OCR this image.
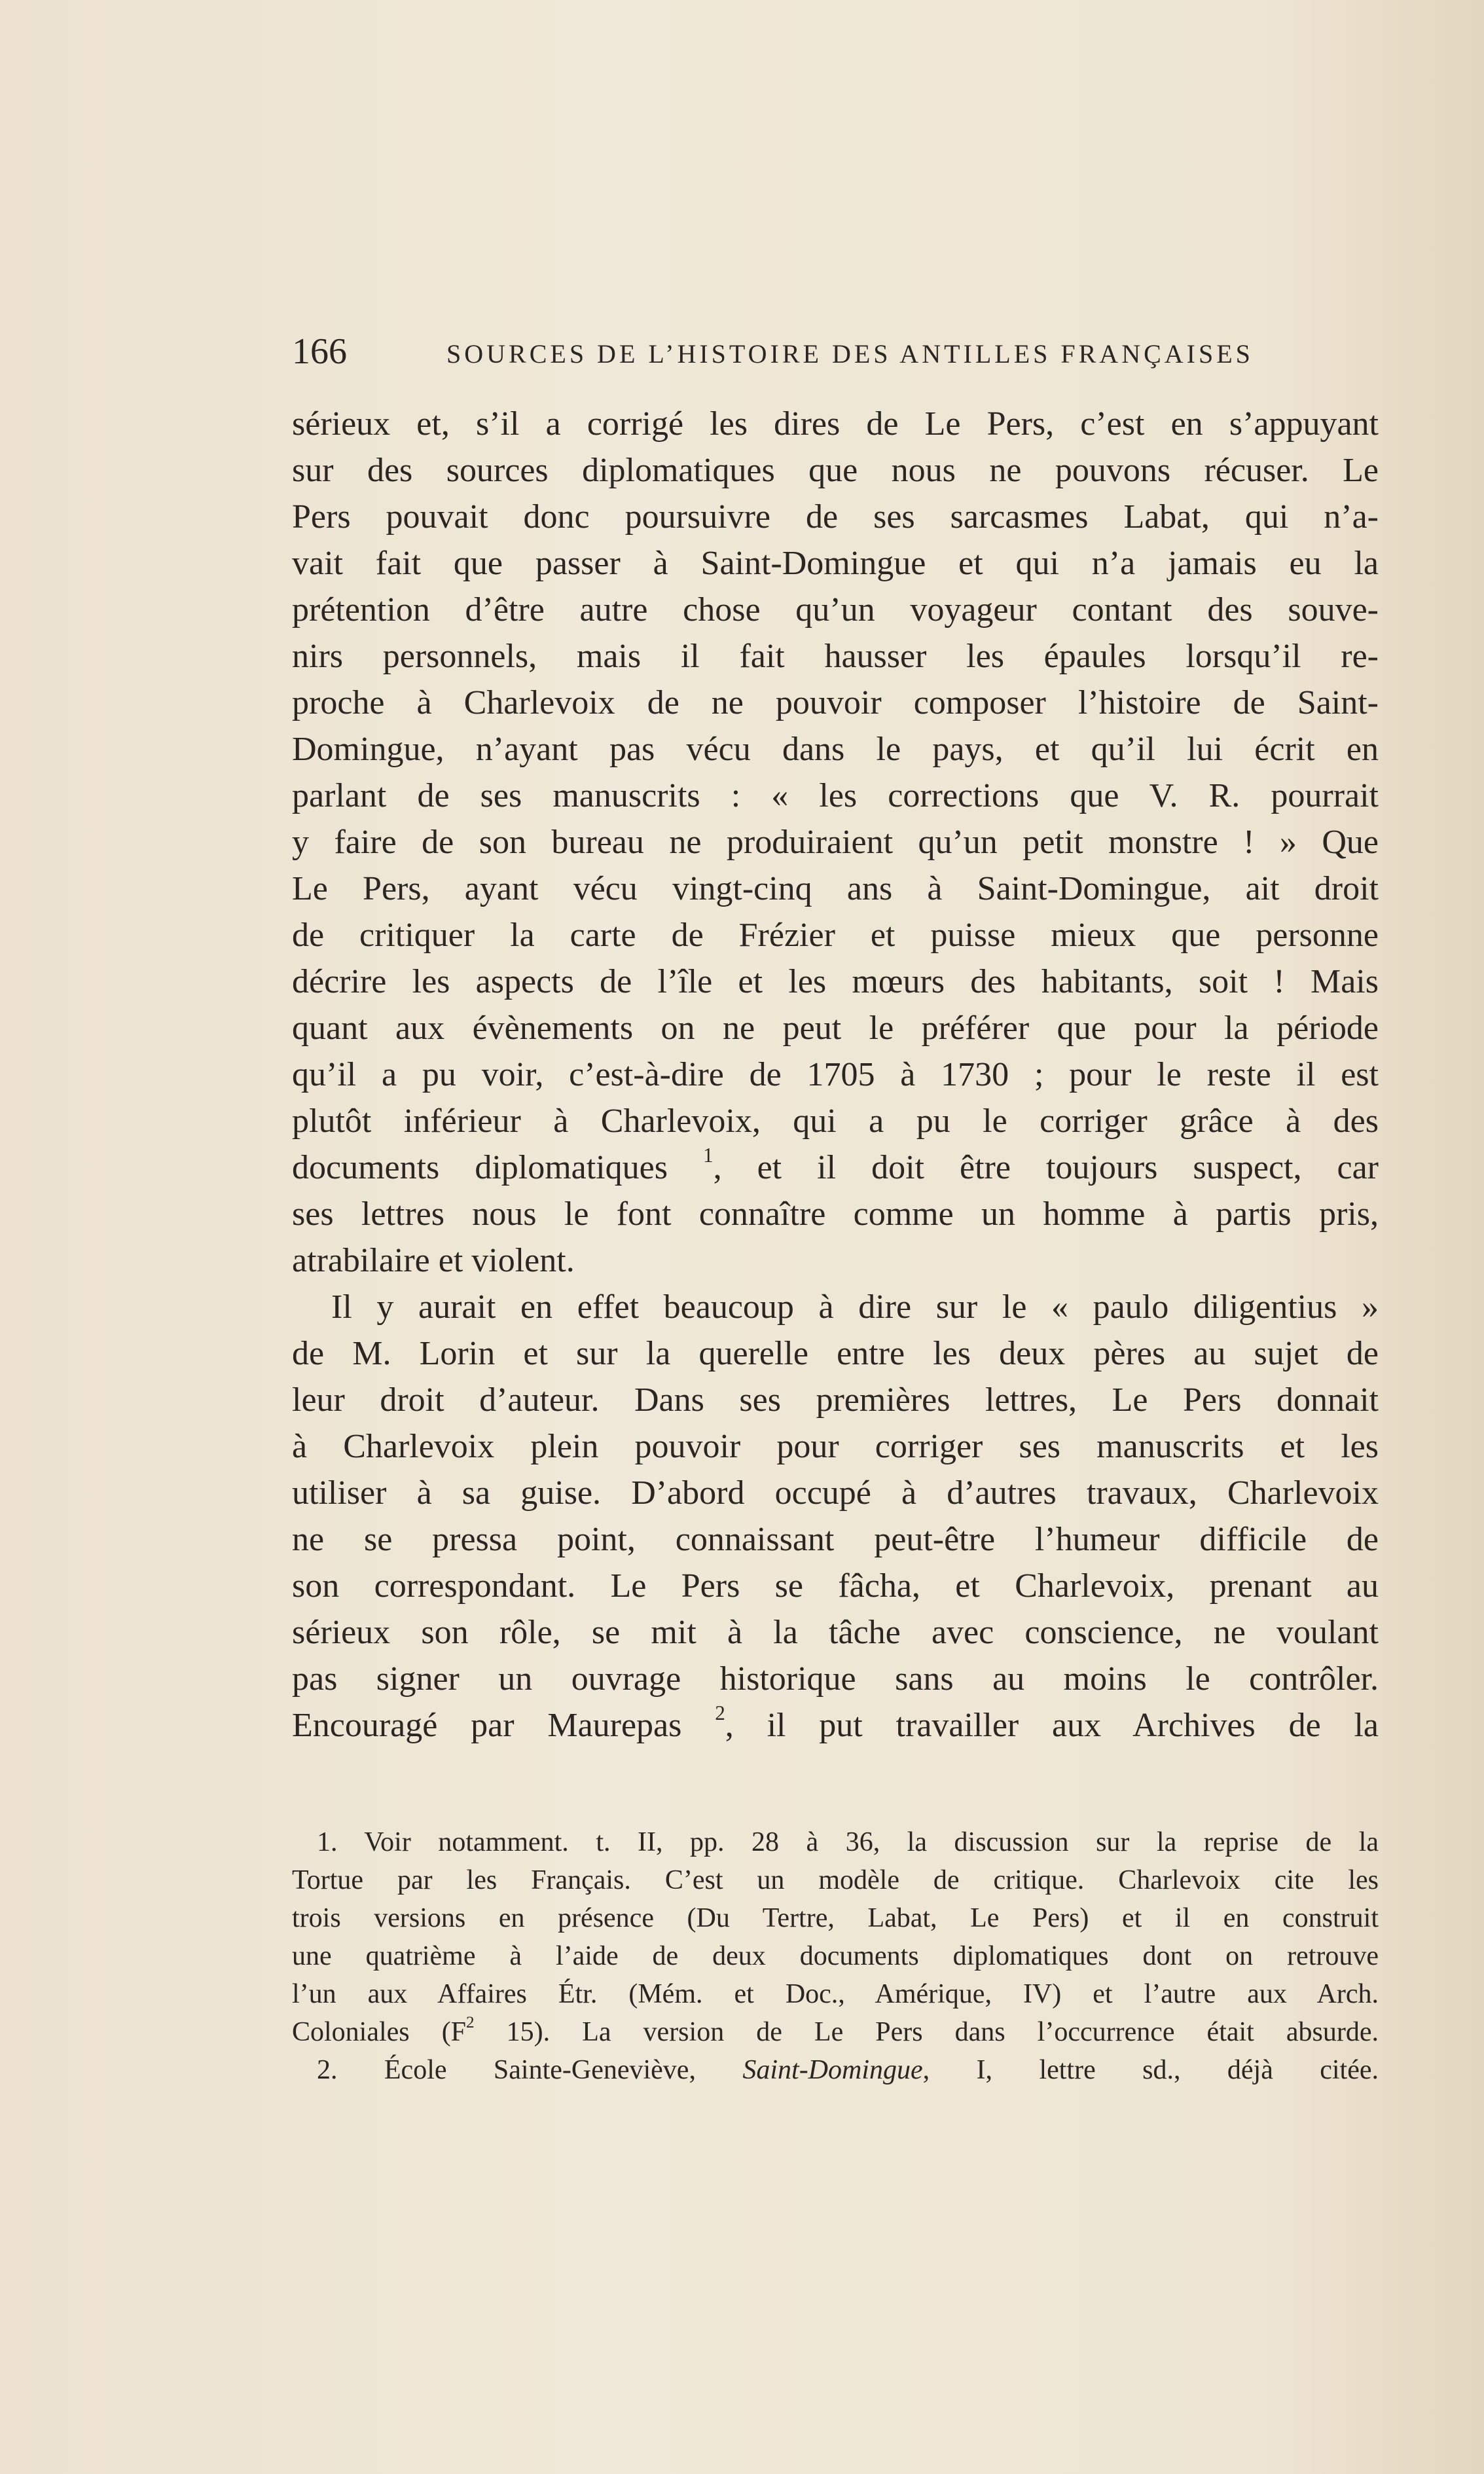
166	SOURCES DE L’HISTOIRE DES ANTILLES FRANÇAISES
sérieux et, s’il a corrigé les dires de Le Pers, c’est en s’appuyant
sur des sources diplomatiques que nous ne pouvons récuser. Le
Pers pouvait donc poursuivre de ses sarcasmes Labat, qui n’a-
vait fait que passer à Saint-Domingue et qui n’a jamais eu la
prétention d’être autre chose qu’un voyageur contant des souve-
nirs personnels, mais il fait hausser les épaules lorsqu’il re-
proche à Charlevoix de ne pouvoir composer l’histoire de Saint-
Domingue, n’ayant pas vécu dans le pays, et qu’il lui écrit en
parlant de ses manuscrits : « les corrections que V. R. pourrait
y faire de son bureau ne produiraient qu’un petit monstre ! » Que
Le Pers, ayant vécu vingt-cinq ans à Saint-Domingue, ait droit
de critiquer la carte de Frézier et puisse mieux que personne
décrire les aspects de l’île et les mœurs des habitants, soit ! Mais
quant aux évènements on ne peut le préférer que pour la période
qu’il a pu voir, c’est-à-dire de 1705 à 1730 ; pour le reste il est
plutôt inférieur à Charlevoix, qui a pu le corriger grâce à des
documents diplomatiques $^1$, et il doit être toujours suspect, car
ses lettres nous le font connaître comme un homme à partis pris,
atrabilaire et violent.
Il y aurait en effet beaucoup à dire sur le « paulo diligentius »
de M. Lorin et sur la querelle entre les deux pères au sujet de
leur droit d’auteur. Dans ses premières lettres, Le Pers donnait
à Charlevoix plein pouvoir pour corriger ses manuscrits et les
utiliser à sa guise. D’abord occupé à d’autres travaux, Charlevoix
ne se pressa point, connaissant peut-être l’humeur difficile de
son correspondant. Le Pers se fâcha, et Charlevoix, prenant au
sérieux son rôle, se mit à la tâche avec conscience, ne voulant
pas signer un ouvrage historique sans au moins le contrôler.
Encouragé par Maurepas $^2$, il put travailler aux Archives de la
1. Voir notamment. t. II, pp. 28 à 36, la discussion sur la reprise de la
Tortue par les Français. C’est un modèle de critique. Charlevoix cite les
trois versions en présence (Du Tertre, Labat, Le Pers) et il en construit
une quatrième à l’aide de deux documents diplomatiques dont on retrouve
l’un aux Affaires Étr. (Mém. et Doc., Amérique, IV) et l’autre aux Arch.
Coloniales ($F^2$ 15). La version de Le Pers dans l’occurrence était absurde.
2. École Sainte-Geneviève, Saint-Domingue, I, lettre sd., déjà citée.
